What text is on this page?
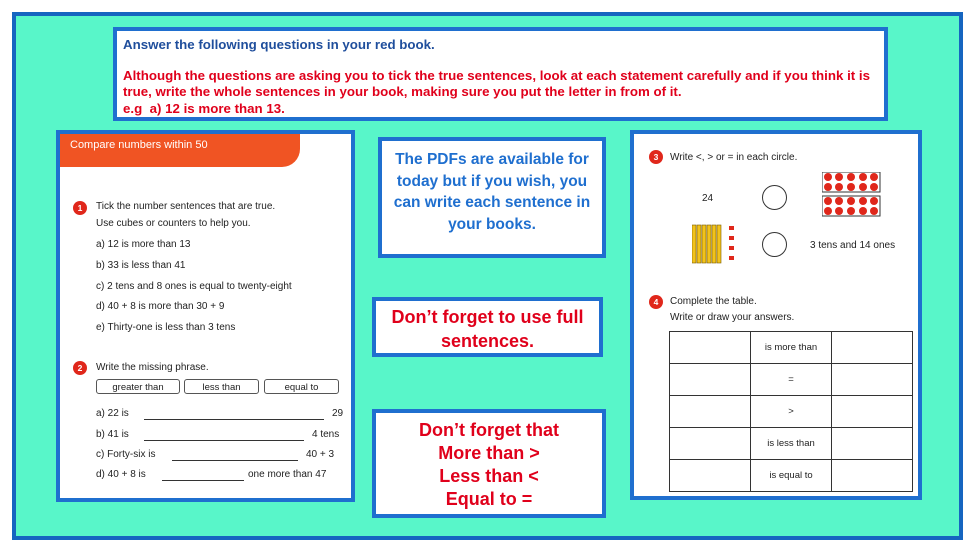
Answer the following questions in your red book.

Although the questions are asking you to tick the true sentences, look at each statement carefully and if you think it is true, write the whole sentences in your book, making sure you put the letter in from of it.

e.g a) 12 is more than 13.

Compare numbers within 50
1	Tick the number sentences that are true.
Use cubes or counters to help you.
a) 12 is more than 13
b) 33 is less than 41
c) 2 tens and 8 ones is equal to twenty-eight
d) 40 + 8 is more than 30 + 9
e) Thirty-one is less than 3 tens
2	Write the missing phrase.
greater than	less than	equal to
a) 22 is	29
b) 41 is	4 tens
c) Forty-six is	40 + 3
d) 40 + 8 is	one more than 47
The PDFs are available for today but if you wish, you can write each sentence in your books.
Don’t forget to use full sentences.
Don’t forget that
More than >
Less than <
Equal to =
3	Write <, > or = in each circle.
24
3 tens and 14 ones
4	Complete the table.
Write or draw your answers.
	is more than	
	=	
	>	
	is less than	
	is equal to	
